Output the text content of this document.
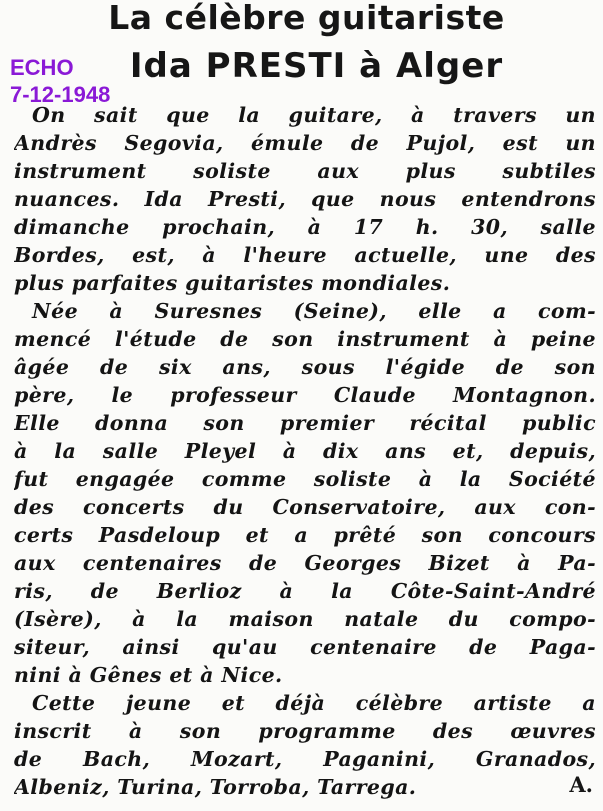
La célèbre guitariste
Ida PRESTI à Alger
ECHO
7-12-1948
On sait que la guitare, à travers un
Andrès Segovia, émule de Pujol, est un
instrument soliste aux plus subtiles
nuances. Ida Presti, que nous entendrons
dimanche prochain, à 17 h. 30, salle
Bordes, est, à l'heure actuelle, une des
plus parfaites guitaristes mondiales.
Née à Suresnes (Seine), elle a com-
mencé l'étude de son instrument à peine
âgée de six ans, sous l'égide de son
père, le professeur Claude Montagnon.
Elle donna son premier récital public
à la salle Pleyel à dix ans et, depuis,
fut engagée comme soliste à la Société
des concerts du Conservatoire, aux con-
certs Pasdeloup et a prêté son concours
aux centenaires de Georges Bizet à Pa-
ris, de Berlioz à la Côte-Saint-André
(Isère), à la maison natale du compo-
siteur, ainsi qu'au centenaire de Paga-
nini à Gênes et à Nice.
Cette jeune et déjà célèbre artiste a
inscrit à son programme des œuvres
de Bach, Mozart, Paganini, Granados,
Albeniz, Turina, Torroba, Tarrega.	A.
